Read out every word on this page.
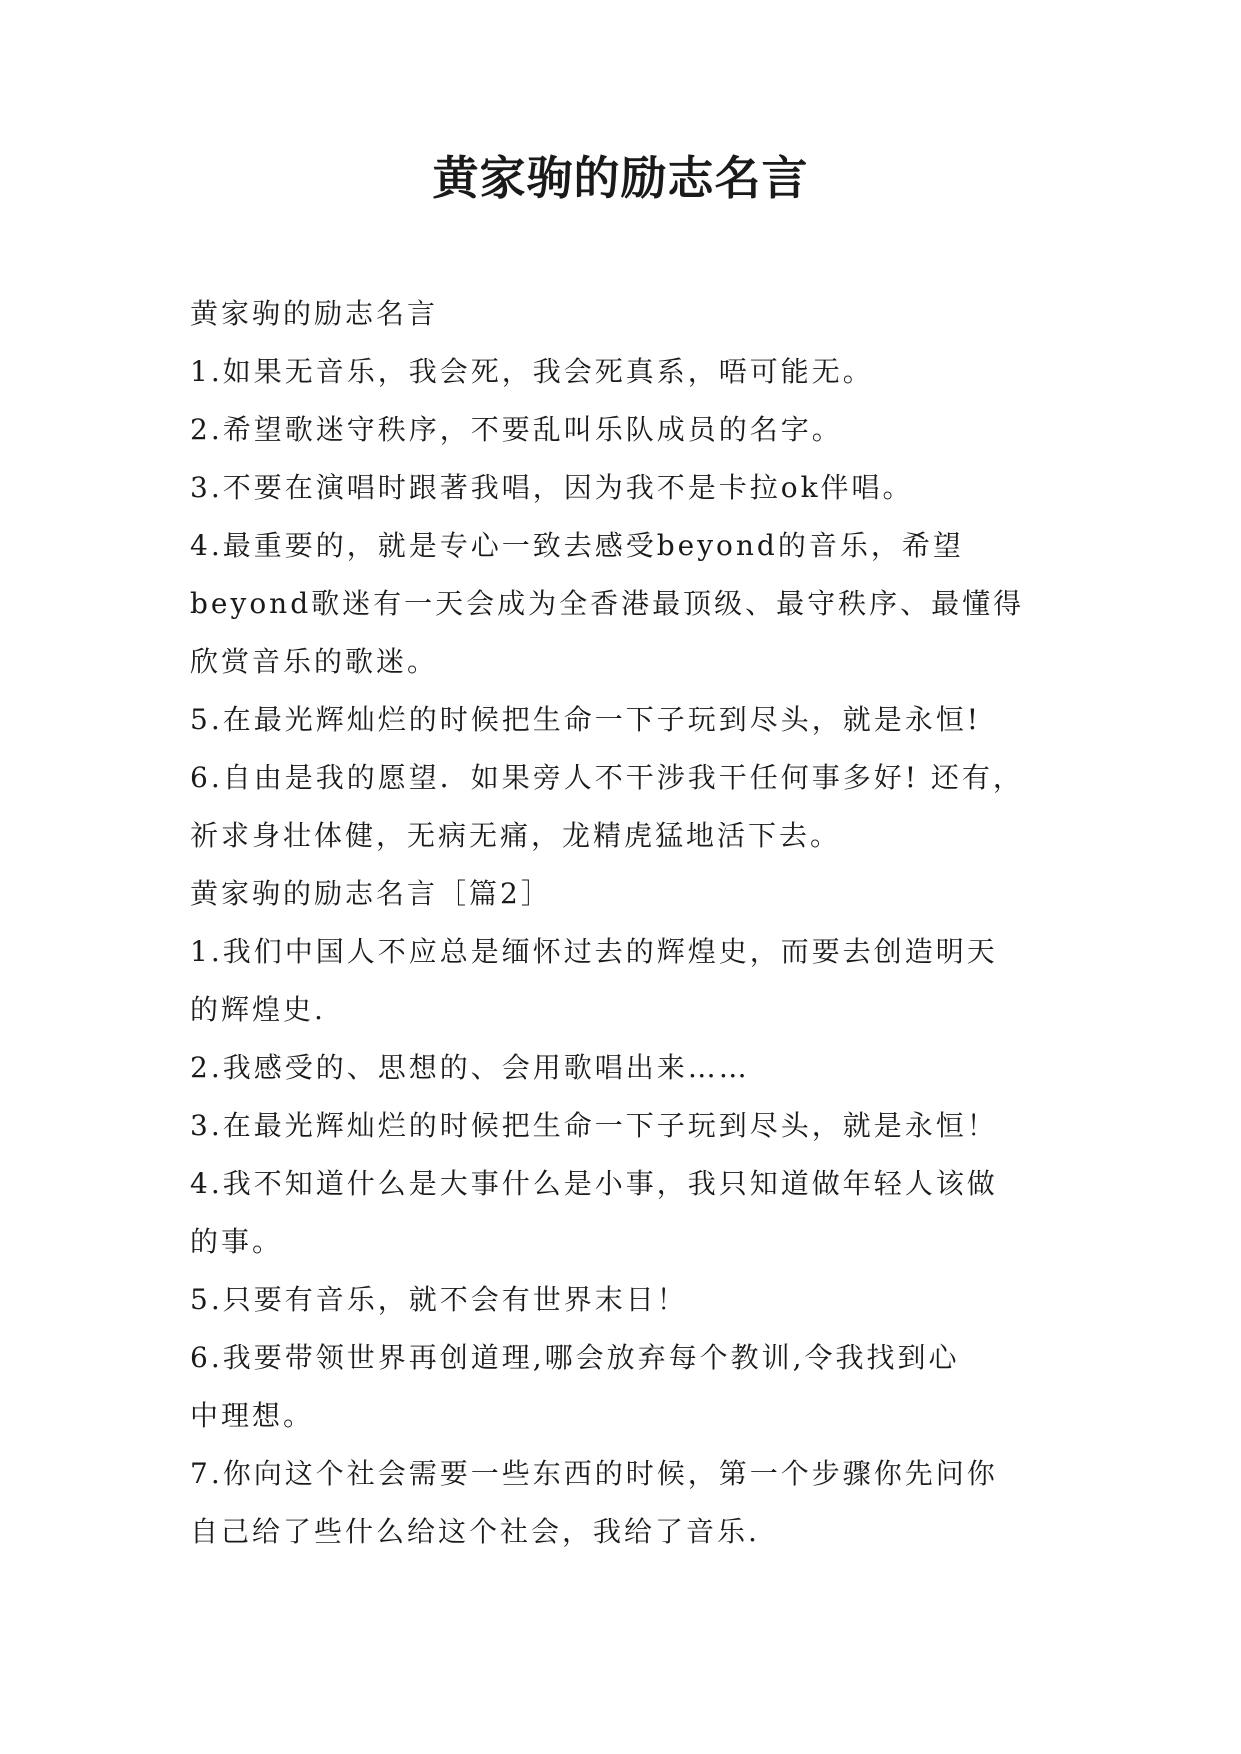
黄家驹的励志名言

黄家驹的励志名言

1.如果无音乐，我会死，我会死真系，唔可能无。

2.希望歌迷守秩序，不要乱叫乐队成员的名字。

3.不要在演唱时跟著我唱，因为我不是卡拉ok伴唱。

4.最重要的，就是专心一致去感受beyond的音乐，希望
beyond歌迷有一天会成为全香港最顶级、最守秩序、最懂得
欣赏音乐的歌迷。

5.在最光辉灿烂的时候把生命一下子玩到尽头，就是永恒!

6.自由是我的愿望．如果旁人不干涉我干任何事多好! 还有，
祈求身壮体健，无病无痛，龙精虎猛地活下去。

黄家驹的励志名言［篇2］

1.我们中国人不应总是缅怀过去的辉煌史，而要去创造明天
的辉煌史.

2.我感受的、思想的、会用歌唱出来……

3.在最光辉灿烂的时候把生命一下子玩到尽头，就是永恒！

4.我不知道什么是大事什么是小事，我只知道做年轻人该做
的事。

5.只要有音乐，就不会有世界末日！

6.我要带领世界再创道理,哪会放弃每个教训,令我找到心
中理想。

7.你向这个社会需要一些东西的时候，第一个步骤你先问你
自己给了些什么给这个社会，我给了音乐.
